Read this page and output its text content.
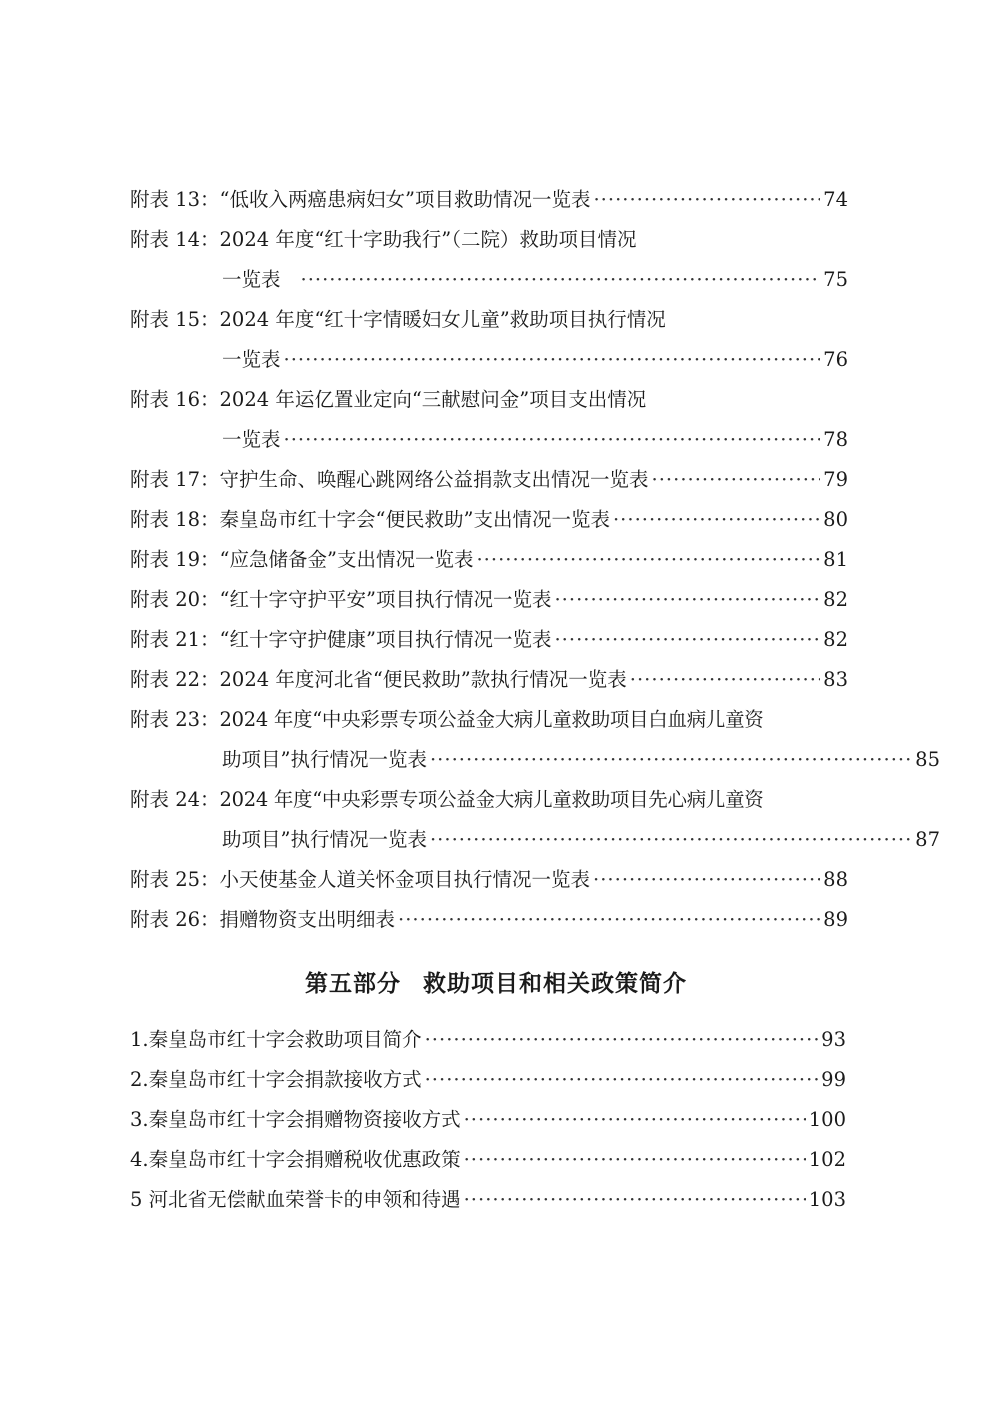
附表 13： “低收入两癌患病妇女”项目救助情况一览表 ·····	74
附表 14： 2024 年度“红十字助我行”（二院）救助项目情况
一览表 ·····	75
附表 15： 2024 年度“红十字情暖妇女儿童”救助项目执行情况
一览表 ·····	76
附表 16： 2024 年运亿置业定向“三献慰问金”项目支出情况
一览表 ·····	78
附表 17： 守护生命、唤醒心跳网络公益捐款支出情况一览表 ·····	79
附表 18： 秦皇岛市红十字会“便民救助”支出情况一览表 ·····	80
附表 19： “应急储备金”支出情况一览表 ·····	81
附表 20： “红十字守护平安”项目执行情况一览表 ·····	82
附表 21： “红十字守护健康”项目执行情况一览表 ·····	82
附表 22： 2024 年度河北省“便民救助”款执行情况一览表 ·····	83
附表 23： 2024 年度“中央彩票专项公益金大病儿童救助项目白血病儿童资
助项目”执行情况一览表 ·····	85
附表 24： 2024 年度“中央彩票专项公益金大病儿童救助项目先心病儿童资
助项目”执行情况一览表 ·····	87
附表 25： 小天使基金人道关怀金项目执行情况一览表 ·····	88
附表 26： 捐赠物资支出明细表 ·····	89
第五部分 救助项目和相关政策简介
1.秦皇岛市红十字会救助项目简介 ·····	93
2.秦皇岛市红十字会捐款接收方式 ·····	99
3.秦皇岛市红十字会捐赠物资接收方式 ·····	100
4.秦皇岛市红十字会捐赠税收优惠政策 ·····	102
5 河北省无偿献血荣誉卡的申领和待遇 ·····	103
